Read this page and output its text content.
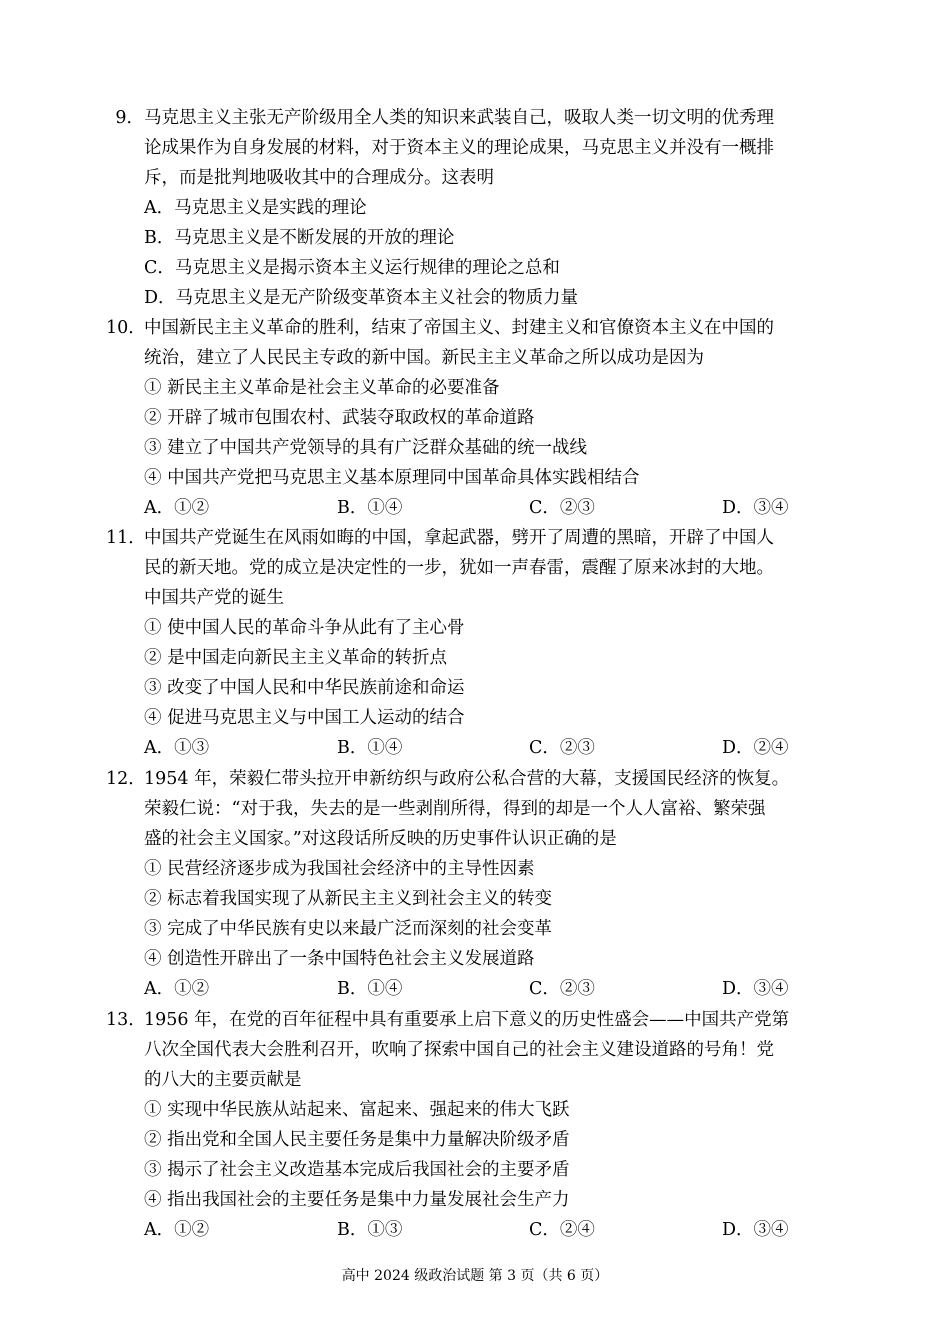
9． 马克思主义主张无产阶级用全人类的知识来武装自己，吸取人类一切文明的优秀理
论成果作为自身发展的材料，对于资本主义的理论成果，马克思主义并没有一概排
斥，而是批判地吸收其中的合理成分。这表明
A．马克思主义是实践的理论
B．马克思主义是不断发展的开放的理论
C．马克思主义是揭示资本主义运行规律的理论之总和
D．马克思主义是无产阶级变革资本主义社会的物质力量
10．
中国新民主主义革命的胜利，结束了帝国主义、封建主义和官僚资本主义在中国的
统治，建立了人民民主专政的新中国。新民主主义革命之所以成功是因为
① 新民主主义革命是社会主义革命的必要准备
② 开辟了城市包围农村、武装夺取政权的革命道路
③ 建立了中国共产党领导的具有广泛群众基础的统一战线
④ 中国共产党把马克思主义基本原理同中国革命具体实践相结合
A．①②	B．①④	C．②③	D．③④
11．
中国共产党诞生在风雨如晦的中国，拿起武器，劈开了周遭的黑暗，开辟了中国人
民的新天地。党的成立是决定性的一步，犹如一声春雷，震醒了原来冰封的大地。
中国共产党的诞生
① 使中国人民的革命斗争从此有了主心骨
② 是中国走向新民主主义革命的转折点
③ 改变了中国人民和中华民族前途和命运
④ 促进马克思主义与中国工人运动的结合
A．①③	B．①④	C．②③	D．②④
12．
1954 年，荣毅仁带头拉开申新纺织与政府公私合营的大幕，支援国民经济的恢复。
荣毅仁说：“对于我，失去的是一些剥削所得，得到的却是一个人人富裕、繁荣强
盛的社会主义国家。”对这段话所反映的历史事件认识正确的是
① 民营经济逐步成为我国社会经济中的主导性因素
② 标志着我国实现了从新民主主义到社会主义的转变
③ 完成了中华民族有史以来最广泛而深刻的社会变革
④ 创造性开辟出了一条中国特色社会主义发展道路
A．①②	B．①④	C．②③	D．③④
13．
1956 年，在党的百年征程中具有重要承上启下意义的历史性盛会——中国共产党第
八次全国代表大会胜利召开，吹响了探索中国自己的社会主义建设道路的号角！党
的八大的主要贡献是
① 实现中华民族从站起来、富起来、强起来的伟大飞跃
② 指出党和全国人民主要任务是集中力量解决阶级矛盾
③ 揭示了社会主义改造基本完成后我国社会的主要矛盾
④ 指出我国社会的主要任务是集中力量发展社会生产力
A．①②	B．①③	C．②④	D．③④
高中 2024 级政治试题 第 3 页（共 6 页）
